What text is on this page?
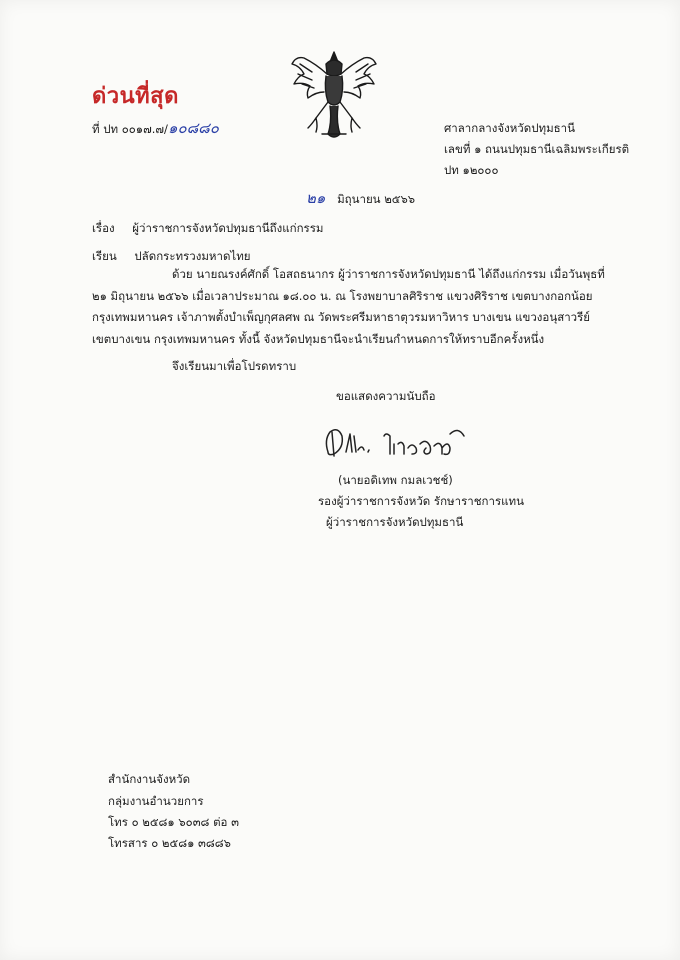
ด่วนที่สุด
ที่ ปท ๐๐๑๗.๗/๑๐๘๘๐	ศาลากลางจังหวัดปทุมธานี
เลขที่ ๑ ถนนปทุมธานีเฉลิมพระเกียรติ
ปท ๑๒๐๐๐
๒๑ มิถุนายน ๒๕๖๖
เรื่อง ผู้ว่าราชการจังหวัดปทุมธานีถึงแก่กรรม
เรียน ปลัดกระทรวงมหาดไทย
ด้วย นายณรงค์ศักดิ์ โอสถธนากร ผู้ว่าราชการจังหวัดปทุมธานี ได้ถึงแก่กรรม เมื่อวันพุธที่
๒๑ มิถุนายน ๒๕๖๖ เมื่อเวลาประมาณ ๑๘.๐๐ น. ณ โรงพยาบาลศิริราช แขวงศิริราช เขตบางกอกน้อย
กรุงเทพมหานคร เจ้าภาพตั้งบำเพ็ญกุศลศพ ณ วัดพระศรีมหาธาตุวรมหาวิหาร บางเขน แขวงอนุสาวรีย์
เขตบางเขน กรุงเทพมหานคร ทั้งนี้ จังหวัดปทุมธานีจะนำเรียนกำหนดการให้ทราบอีกครั้งหนึ่ง
จึงเรียนมาเพื่อโปรดทราบ
ขอแสดงความนับถือ
(นายอดิเทพ กมลเวชช์)
รองผู้ว่าราชการจังหวัด รักษาราชการแทน
ผู้ว่าราชการจังหวัดปทุมธานี
สำนักงานจังหวัด
กลุ่มงานอำนวยการ
โทร ๐ ๒๕๘๑ ๖๐๓๘ ต่อ ๓
โทรสาร ๐ ๒๕๘๑ ๓๘๘๖
